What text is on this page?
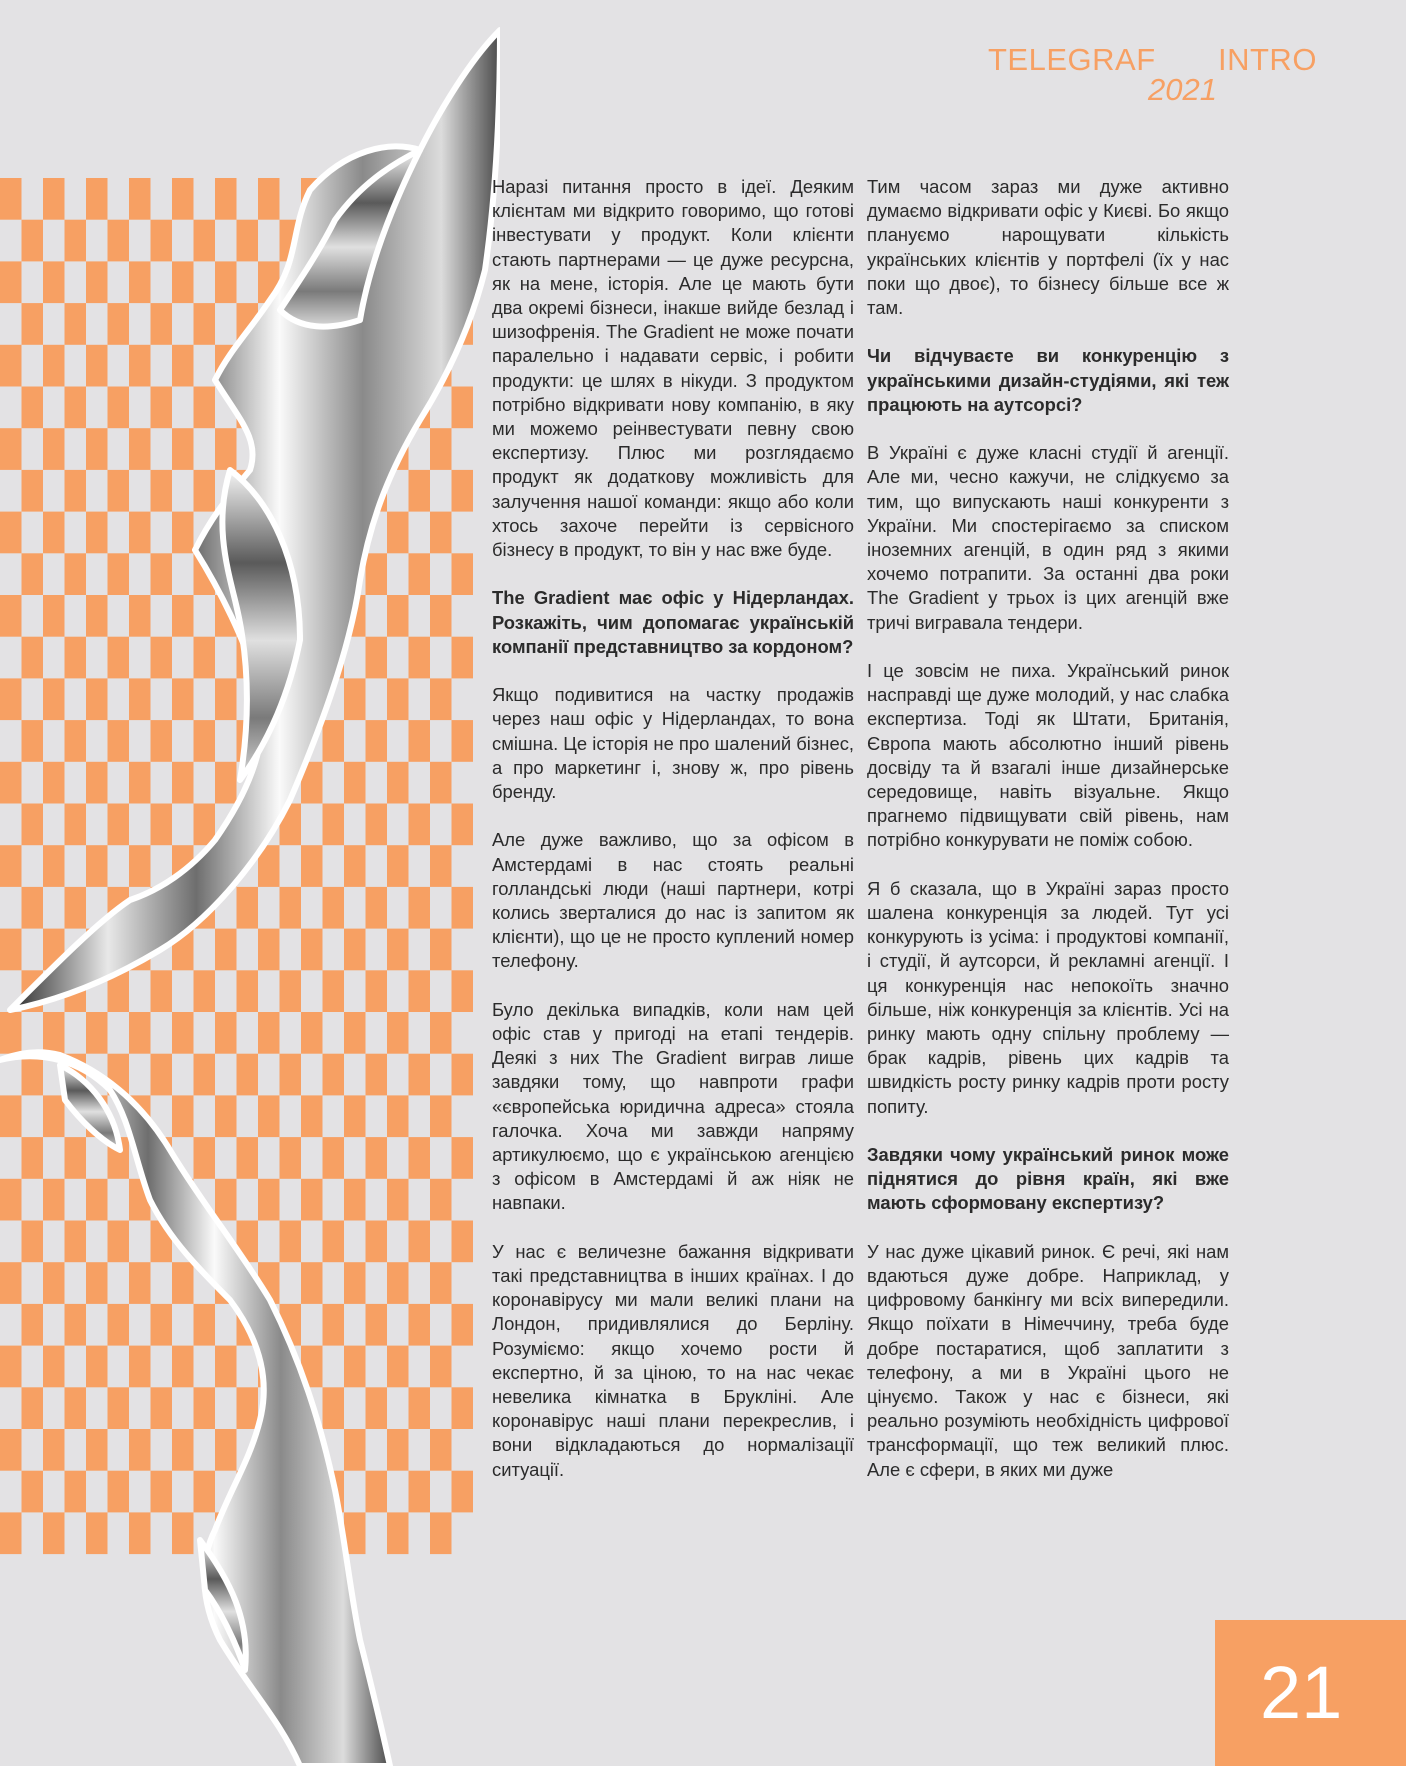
TELEGRAF
2021
INTRO

Наразі питання просто в ідеї. Деяким клієнтам ми відкрито говоримо, що готові інвестувати у продукт. Коли клієнти стають партнерами — це дуже ресурсна, як на мене, історія. Але це мають бути два окремі бізнеси, інакше вийде безлад і шизофренія. The Gradient не може почати паралельно і надавати сервіс, і робити продукти: це шлях в нікуди. З продуктом потрібно відкривати нову компанію, в яку ми можемо реінвестувати певну свою експертизу. Плюс ми розглядаємо продукт як додаткову можливість для залучення нашої команди: якщо або коли хтось захоче перейти із сервісного бізнесу в продукт, то він у нас вже буде.

The Gradient має офіс у Нідерландах. Розкажіть, чим допомагає українській компанії представництво за кордоном?

Якщо подивитися на частку продажів через наш офіс у Нідерландах, то вона смішна. Це історія не про шалений бізнес, а про маркетинг і, знову ж, про рівень бренду.

Але дуже важливо, що за офісом в Амстердамі в нас стоять реальні голландські люди (наші партнери, котрі колись зверталися до нас із запитом як клієнти), що це не просто куплений номер телефону.

Було декілька випадків, коли нам цей офіс став у пригоді на етапі тендерів. Деякі з них The Gradient виграв лише завдяки тому, що навпроти графи «європейська юридична адреса» стояла галочка. Хоча ми завжди напряму артикулюємо, що є українською агенцією з офісом в Амстердамі й аж ніяк не навпаки.

У нас є величезне бажання відкривати такі представництва в інших країнах. І до коронавірусу ми мали великі плани на Лондон, придивлялися до Берліну. Розуміємо: якщо хочемо рости й експертно, й за ціною, то на нас чекає невелика кімнатка в Брукліні. Але коронавірус наші плани перекреслив, і вони відкладаються до нормалізації ситуації.

Тим часом зараз ми дуже активно думаємо відкривати офіс у Києві. Бо якщо плануємо нарощувати кількість українських клієнтів у портфелі (їх у нас поки що двоє), то бізнесу більше все ж там.

Чи відчуваєте ви конкуренцію з українськими дизайн-студіями, які теж працюють на аутсорсі?

В Україні є дуже класні студії й агенції. Але ми, чесно кажучи, не слідкуємо за тим, що випускають наші конкуренти з України. Ми спостерігаємо за списком іноземних агенцій, в один ряд з якими хочемо потрапити. За останні два роки The Gradient у трьох із цих агенцій вже тричі вигравала тендери.

І це зовсім не пиха. Український ринок насправді ще дуже молодий, у нас слабка експертиза. Тоді як Штати, Британія, Європа мають абсолютно інший рівень досвіду та й взагалі інше дизайнерське середовище, навіть візуальне. Якщо прагнемо підвищувати свій рівень, нам потрібно конкурувати не поміж собою.

Я б сказала, що в Україні зараз просто шалена конкуренція за людей. Тут усі конкурують із усіма: і продуктові компанії, і студії, й аутсорси, й рекламні агенції. І ця конкуренція нас непокоїть значно більше, ніж конкуренція за клієнтів. Усі на ринку мають одну спільну проблему — брак кадрів, рівень цих кадрів та швидкість росту ринку кадрів проти росту попиту.

Завдяки чому український ринок може піднятися до рівня країн, які вже мають сформовану експертизу?

У нас дуже цікавий ринок. Є речі, які нам вдаються дуже добре. Наприклад, у цифровому банкінгу ми всіх випередили. Якщо поїхати в Німеччину, треба буде добре постаратися, щоб заплатити з телефону, а ми в Україні цього не цінуємо. Також у нас є бізнеси, які реально розуміють необхідність цифрової трансформації, що теж великий плюс. Але є сфери, в яких ми дуже

21
